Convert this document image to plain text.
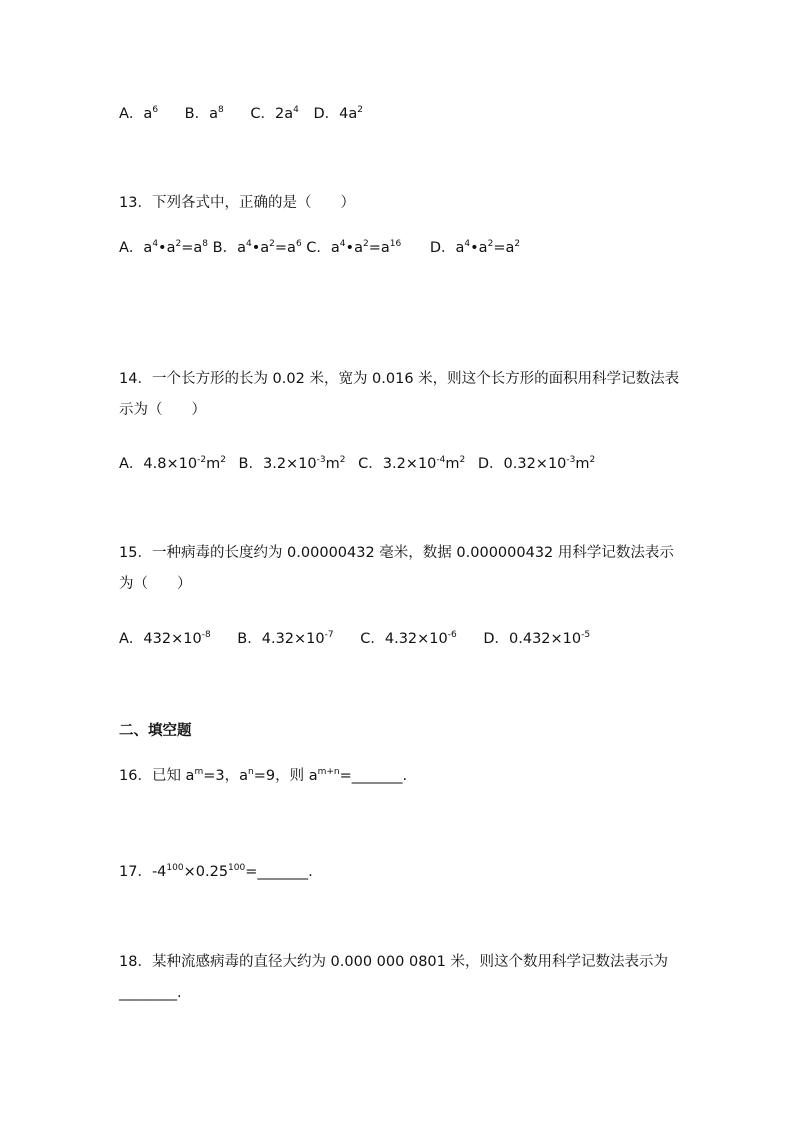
A．$a^6$ B．$a^8$ C．$2a^4$ D．$4a^2$
13．下列各式中，正确的是（　　）
A．$a^4•a^2=a^8$ B．$a^4•a^2=a^6$ C．$a^4•a^2=a^{16}$ D．$a^4•a^2=a^2$
14．一个长方形的长为 0.02 米，宽为 0.016 米，则这个长方形的面积用科学记数法表示为（　　）
A．$4.8\times 10^{-2}m^2$ B．$3.2\times 10^{-3}m^2$ C．$3.2\times 10^{-4}m^2$ D．$0.32\times 10^{-3}m^2$
15．一种病毒的长度约为 0.00000432 毫米，数据 0.000000432 用科学记数法表示为（　　）
A．$432\times 10^{-8}$ B．$4.32\times 10^{-7}$ C．$4.32\times 10^{-6}$ D．$0.432\times 10^{-5}$
二、填空题
16．已知 $a^m=3$，$a^n=9$，则 $a^{m+n}=\_\_\_\_\_\_\_$.
17．$-4^{100}\times 0.25^{100}=\_\_\_\_\_\_\_$.
18．某种流感病毒的直径大约为 0.000 000 0801 米，则这个数用科学记数法表示为________.
